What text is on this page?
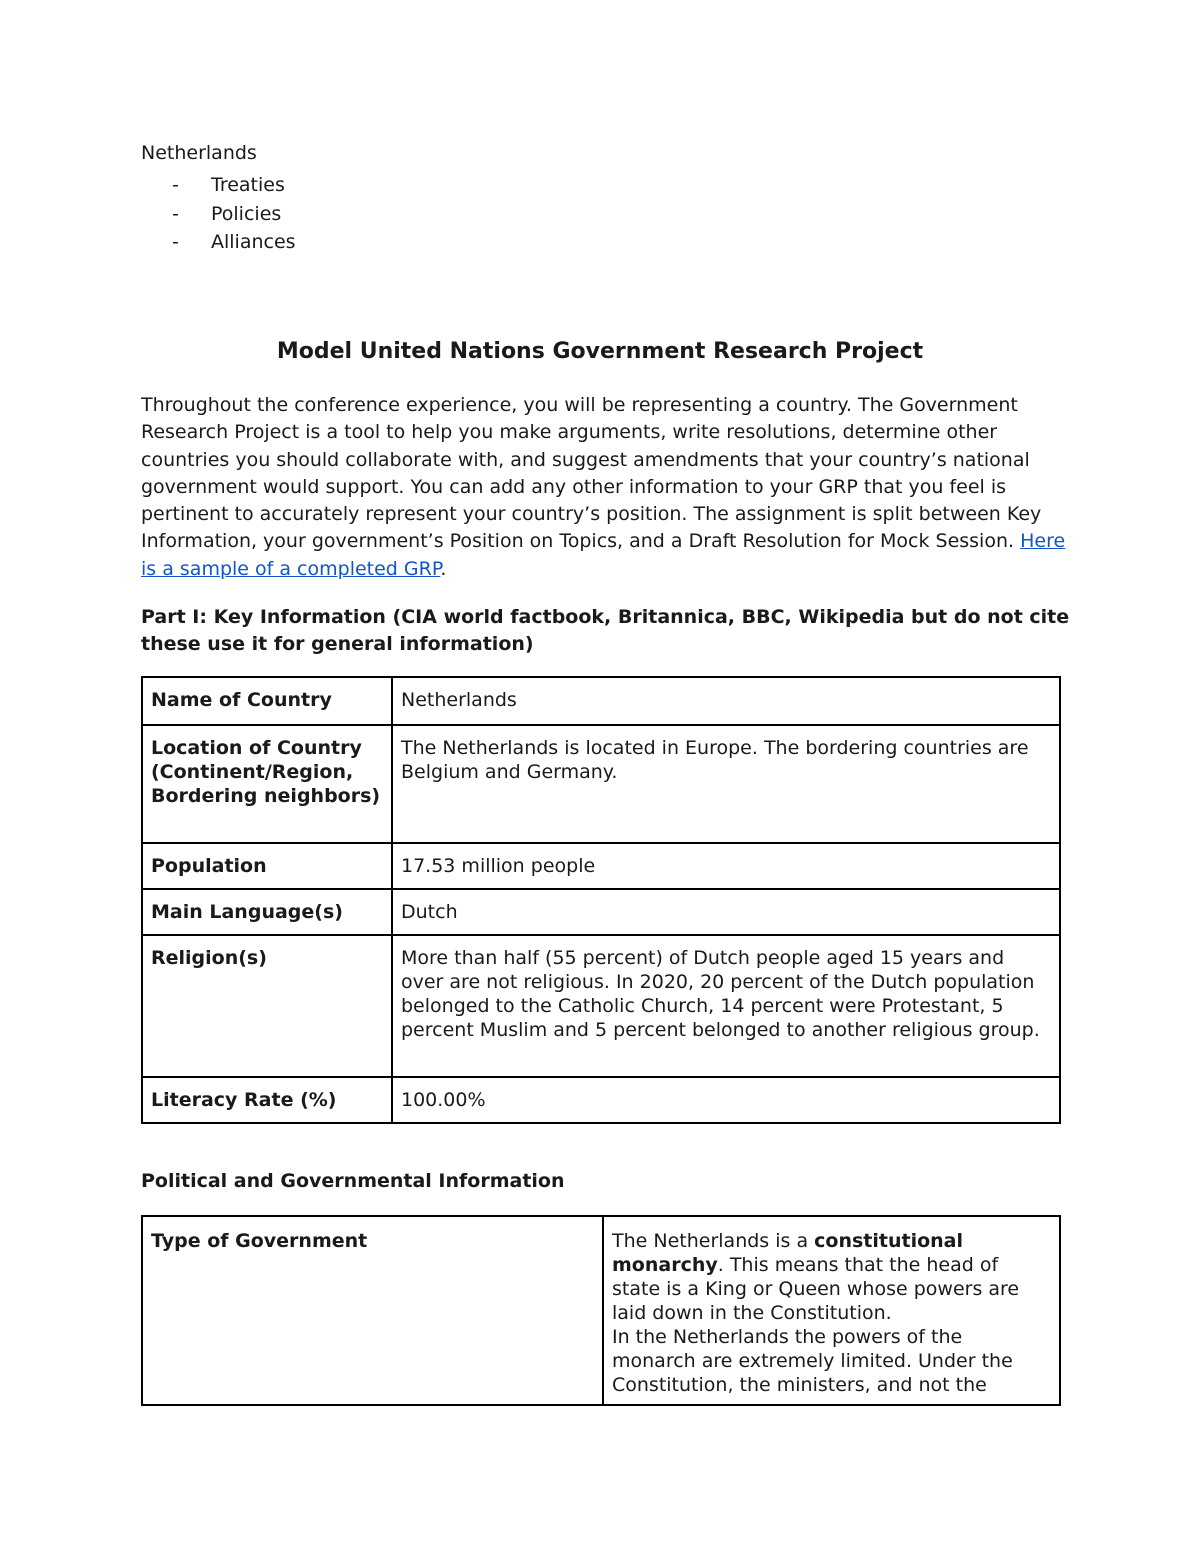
Netherlands
-	Treaties
-	Policies
-	Alliances
Model United Nations Government Research Project

Throughout the conference experience, you will be representing a country. The Government Research Project is a tool to help you make arguments, write resolutions, determine other countries you should collaborate with, and suggest amendments that your country’s national government would support. You can add any other information to your GRP that you feel is pertinent to accurately represent your country’s position. The assignment is split between Key Information, your government’s Position on Topics, and a Draft Resolution for Mock Session. Here is a sample of a completed GRP.

Part I: Key Information (CIA world factbook, Britannica, BBC, Wikipedia but do not cite these use it for general information)

Name of Country	Netherlands
Location of Country (Continent/Region, Bordering neighbors)	The Netherlands is located in Europe. The bordering countries are Belgium and Germany.
Population	17.53 million people
Main Language(s)	Dutch
Religion(s)	More than half (55 percent) of Dutch people aged 15 years and over are not religious. In 2020, 20 percent of the Dutch population belonged to the Catholic Church, 14 percent were Protestant, 5 percent Muslim and 5 percent belonged to another religious group.
Literacy Rate (%)	100.00%
Political and Governmental Information
Type of Government	The Netherlands is a constitutional monarchy. This means that the head of state is a King or Queen whose powers are laid down in the Constitution.
In the Netherlands the powers of the monarch are extremely limited. Under the Constitution, the ministers, and not the
